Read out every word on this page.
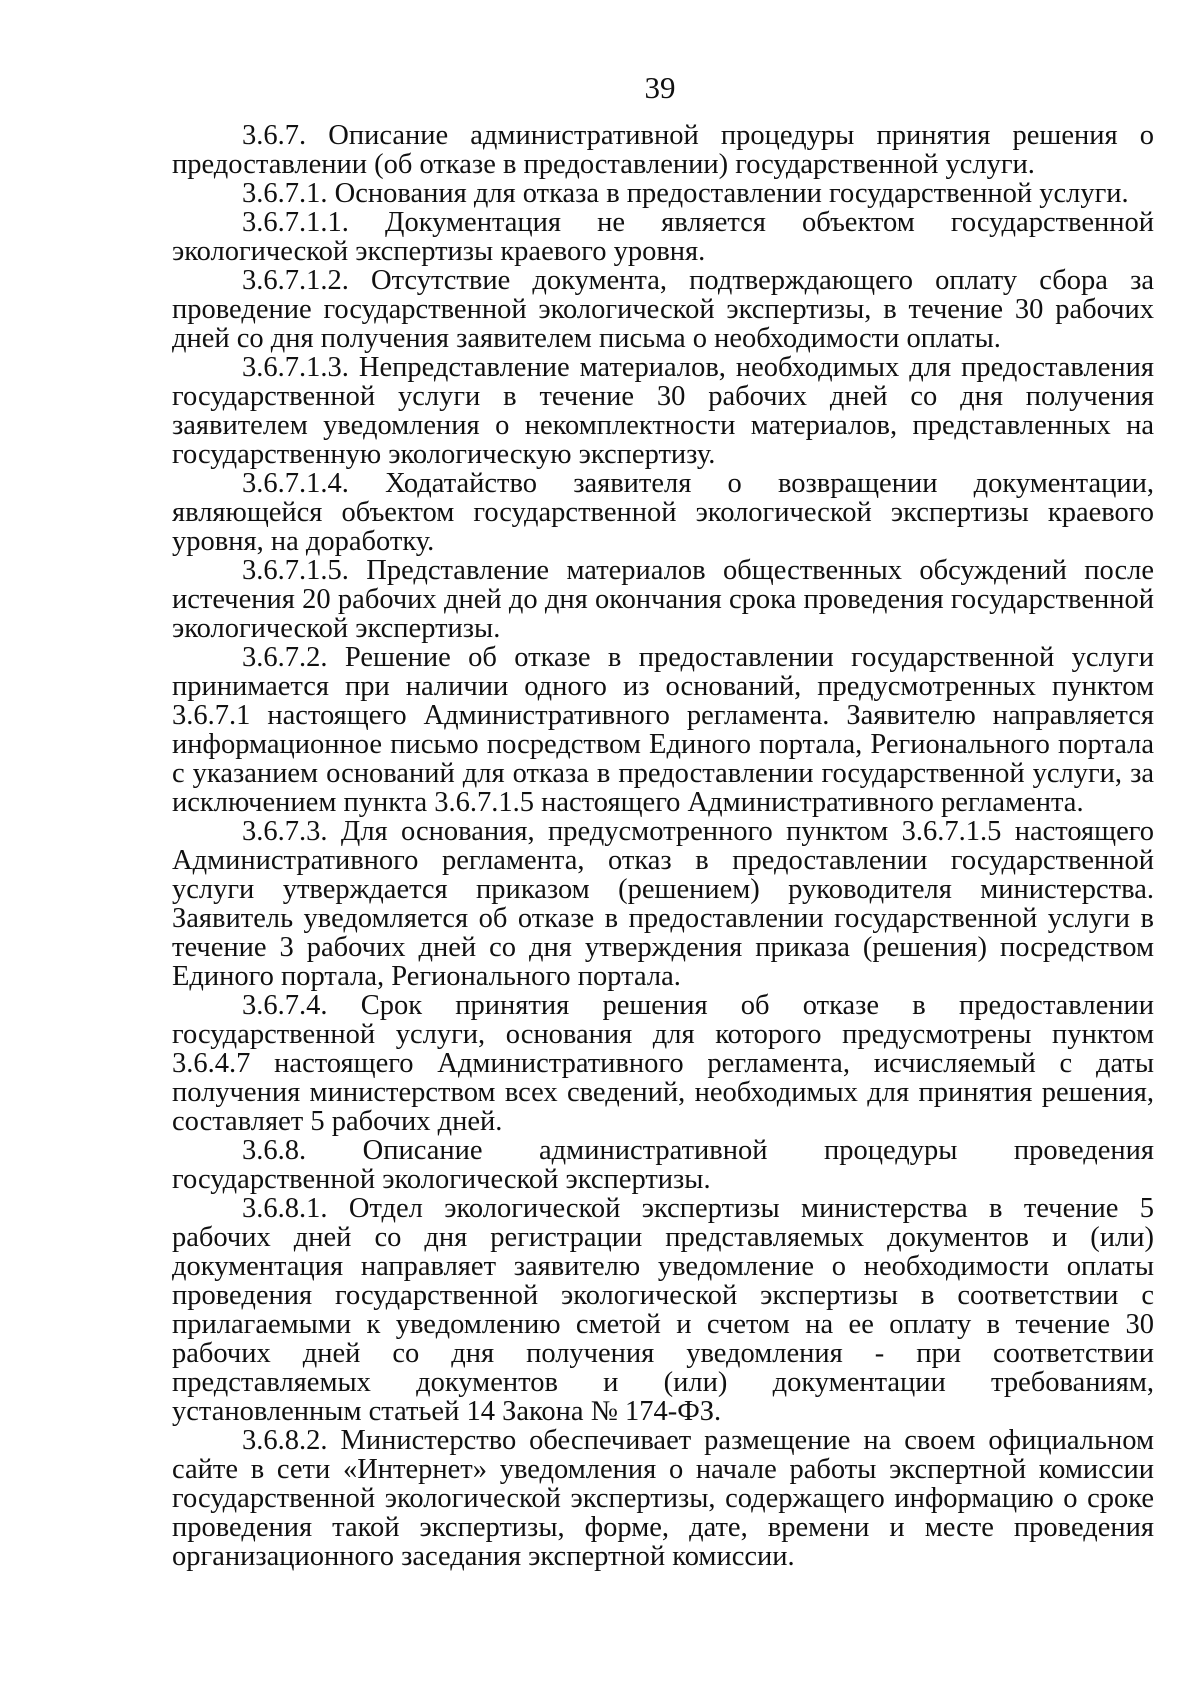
39

3.6.7. Описание административной процедуры принятия решения о предоставлении (об отказе в предоставлении) государственной услуги.

3.6.7.1. Основания для отказа в предоставлении государственной услуги.

3.6.7.1.1. Документация не является объектом государственной экологической экспертизы краевого уровня.

3.6.7.1.2. Отсутствие документа, подтверждающего оплату сбора за проведение государственной экологической экспертизы, в течение 30 рабочих дней со дня получения заявителем письма о необходимости оплаты.

3.6.7.1.3. Непредставление материалов, необходимых для предоставления государственной услуги в течение 30 рабочих дней со дня получения заявителем уведомления о некомплектности материалов, представленных на государственную экологическую экспертизу.

3.6.7.1.4. Ходатайство заявителя о возвращении документации, являющейся объектом государственной экологической экспертизы краевого уровня, на доработку.

3.6.7.1.5. Представление материалов общественных обсуждений после истечения 20 рабочих дней до дня окончания срока проведения государственной экологической экспертизы.

3.6.7.2. Решение об отказе в предоставлении государственной услуги принимается при наличии одного из оснований, предусмотренных пунктом 3.6.7.1 настоящего Административного регламента. Заявителю направляется информационное письмо посредством Единого портала, Регионального портала с указанием оснований для отказа в предоставлении государственной услуги, за исключением пункта 3.6.7.1.5 настоящего Административного регламента.

3.6.7.3. Для основания, предусмотренного пунктом 3.6.7.1.5 настоящего Административного регламента, отказ в предоставлении государственной услуги утверждается приказом (решением) руководителя министерства. Заявитель уведомляется об отказе в предоставлении государственной услуги в течение 3 рабочих дней со дня утверждения приказа (решения) посредством Единого портала, Регионального портала.

3.6.7.4. Срок принятия решения об отказе в предоставлении государственной услуги, основания для которого предусмотрены пунктом 3.6.4.7 настоящего Административного регламента, исчисляемый с даты получения министерством всех сведений, необходимых для принятия решения, составляет 5 рабочих дней.

3.6.8. Описание административной процедуры проведения государственной экологической экспертизы.

3.6.8.1. Отдел экологической экспертизы министерства в течение 5 рабочих дней со дня регистрации представляемых документов и (или) документация направляет заявителю уведомление о необходимости оплаты проведения государственной экологической экспертизы в соответствии с прилагаемыми к уведомлению сметой и счетом на ее оплату в течение 30 рабочих дней со дня получения уведомления - при соответствии представляемых документов и (или) документации требованиям, установленным статьей 14 Закона № 174-ФЗ.

3.6.8.2. Министерство обеспечивает размещение на своем официальном сайте в сети «Интернет» уведомления о начале работы экспертной комиссии государственной экологической экспертизы, содержащего информацию о сроке проведения такой экспертизы, форме, дате, времени и месте проведения организационного заседания экспертной комиссии.
